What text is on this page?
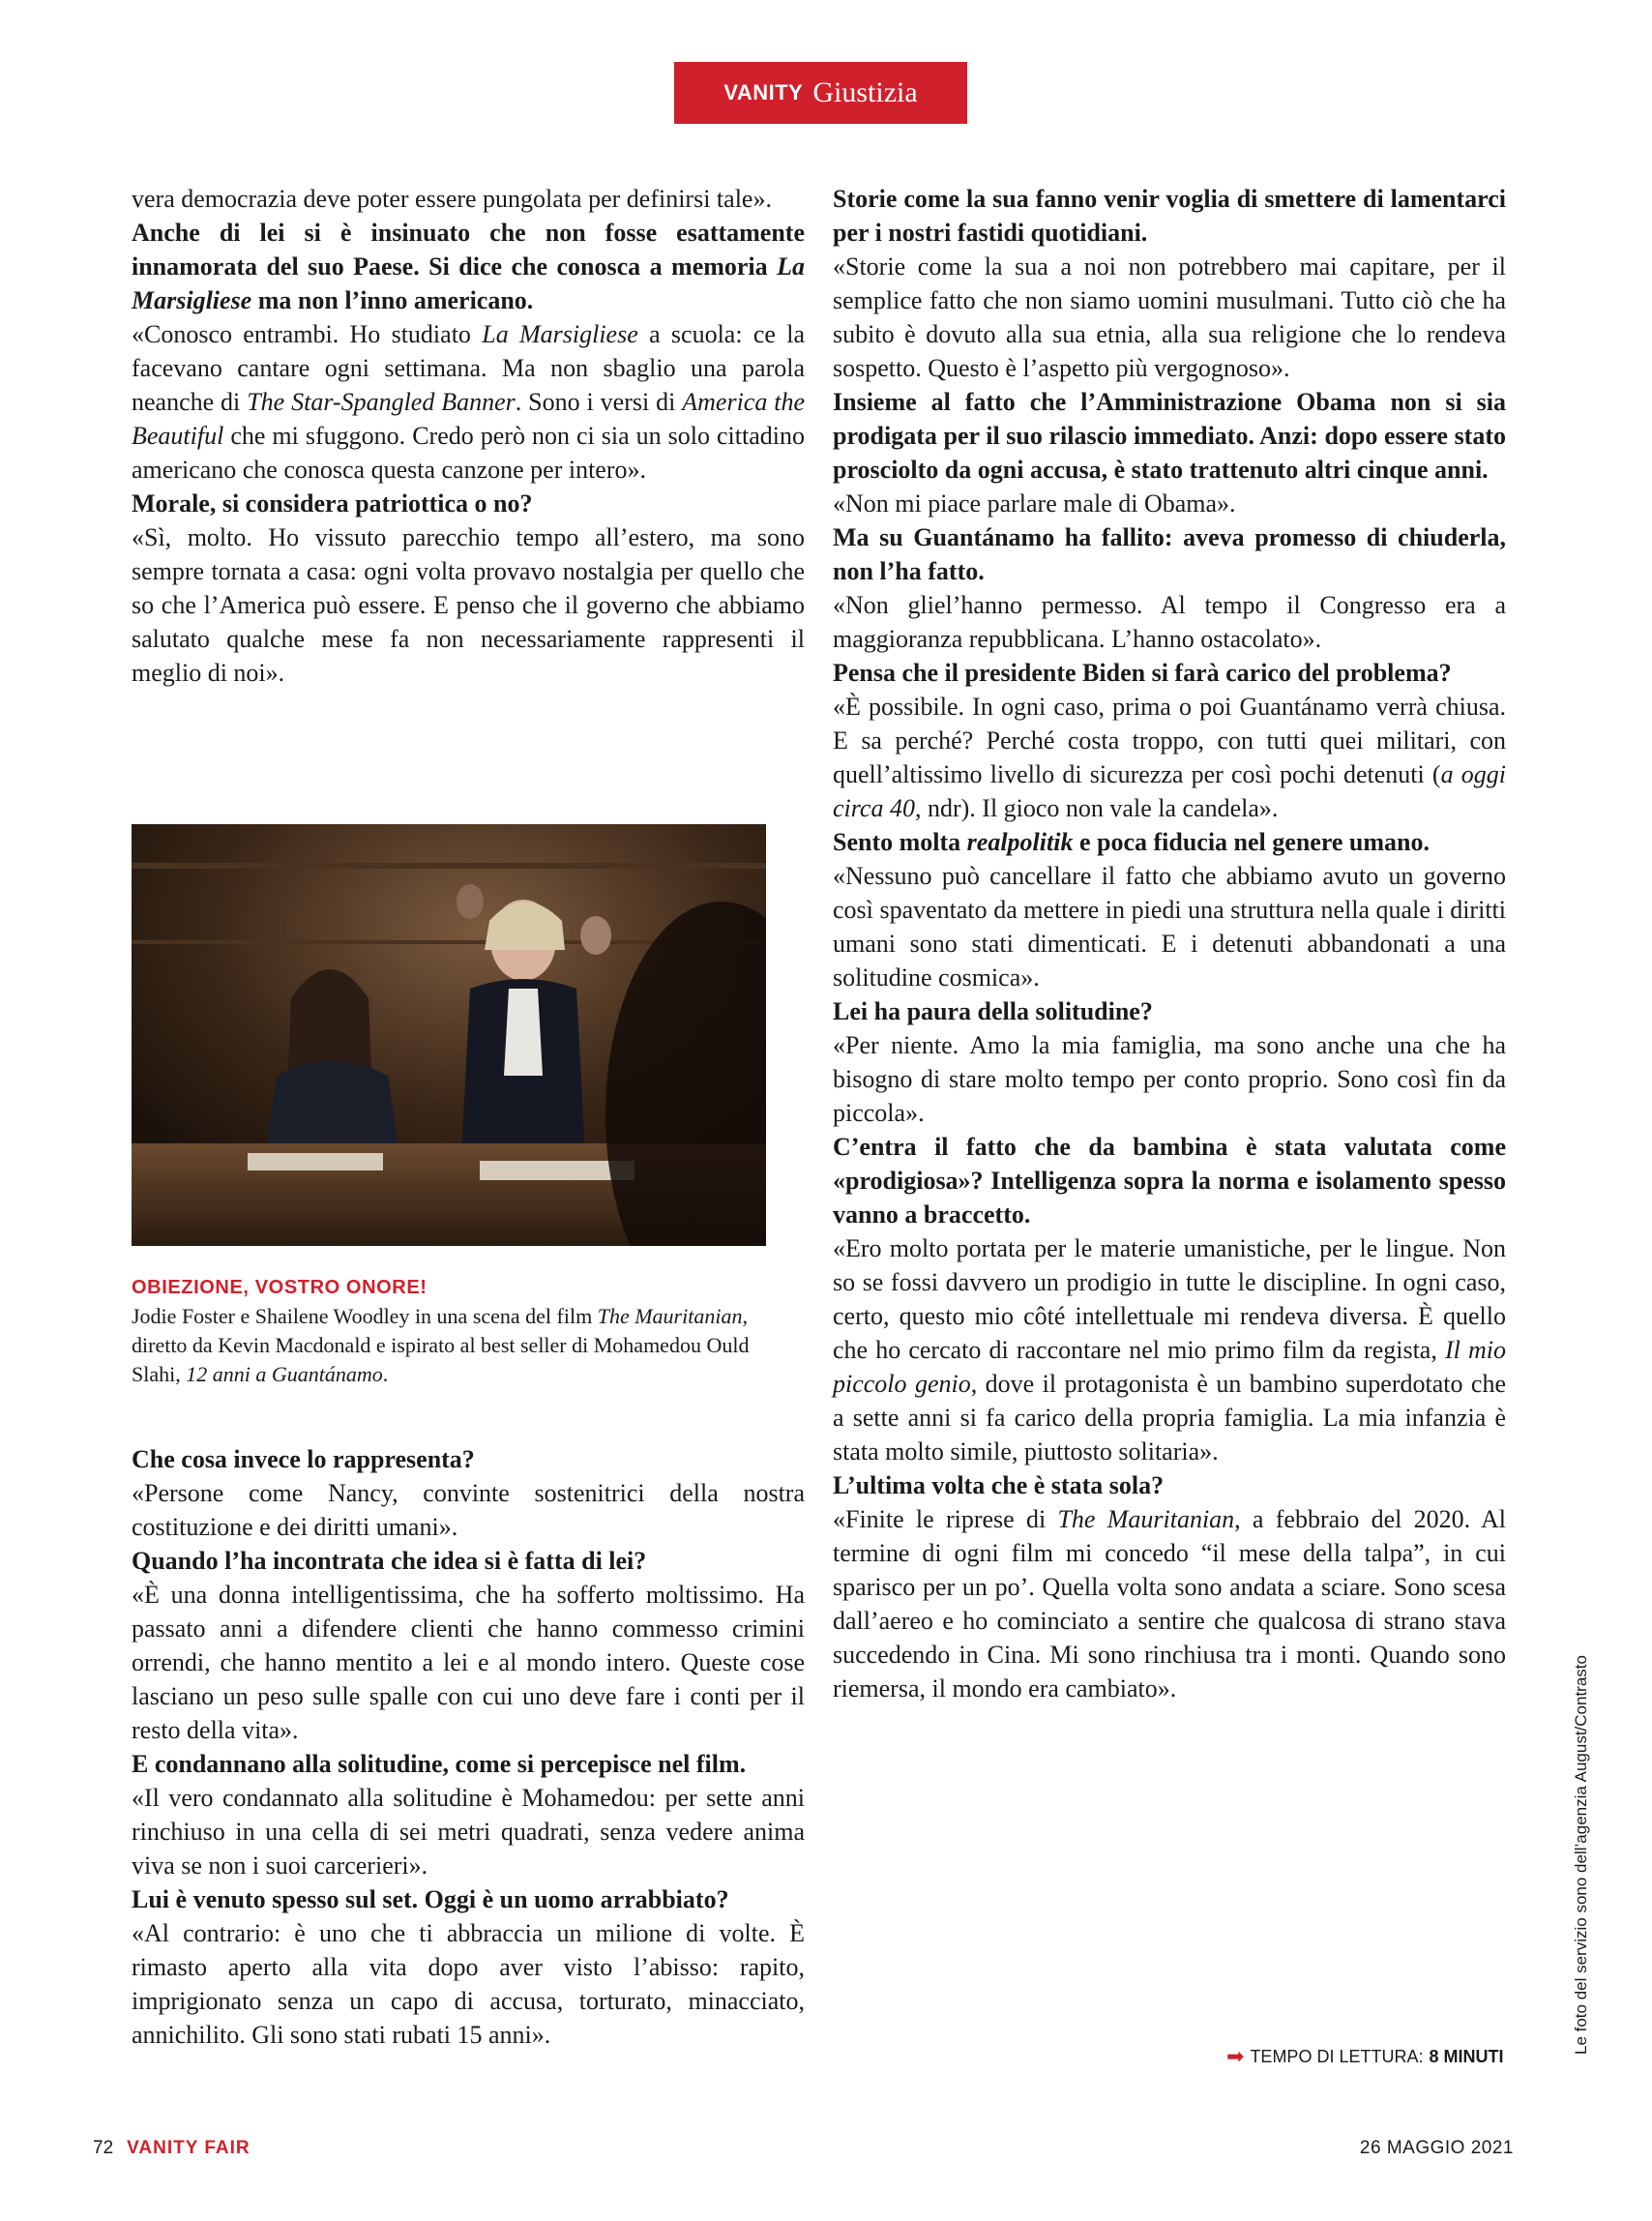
VANITY Giustizia

vera democrazia deve poter essere pungolata per definirsi tale».

Anche di lei si è insinuato che non fosse esattamente innamorata del suo Paese. Si dice che conosca a memoria La Marsigliese ma non l’inno americano.

«Conosco entrambi. Ho studiato La Marsigliese a scuola: ce la facevano cantare ogni settimana. Ma non sbaglio una parola neanche di The Star-Spangled Banner. Sono i versi di America the Beautiful che mi sfuggono. Credo però non ci sia un solo cittadino americano che conosca questa canzone per intero».

Morale, si considera patriottica o no?

«Sì, molto. Ho vissuto parecchio tempo all’estero, ma sono sempre tornata a casa: ogni volta provavo nostalgia per quello che so che l’America può essere. E penso che il governo che abbiamo salutato qualche mese fa non necessariamente rappresenti il meglio di noi».

OBIEZIONE, VOSTRO ONORE!
Jodie Foster e Shailene Woodley in una scena del film The Mauritanian, diretto da Kevin Macdonald e ispirato al best seller di Mohamedou Ould Slahi, 12 anni a Guantánamo.

Che cosa invece lo rappresenta?

«Persone come Nancy, convinte sostenitrici della nostra costituzione e dei diritti umani».

Quando l’ha incontrata che idea si è fatta di lei?

«È una donna intelligentissima, che ha sofferto moltissimo. Ha passato anni a difendere clienti che hanno commesso crimini orrendi, che hanno mentito a lei e al mondo intero. Queste cose lasciano un peso sulle spalle con cui uno deve fare i conti per il resto della vita».

E condannano alla solitudine, come si percepisce nel film.

«Il vero condannato alla solitudine è Mohamedou: per sette anni rinchiuso in una cella di sei metri quadrati, senza vedere anima viva se non i suoi carcerieri».

Lui è venuto spesso sul set. Oggi è un uomo arrabbiato?

«Al contrario: è uno che ti abbraccia un milione di volte. È rimasto aperto alla vita dopo aver visto l’abisso: rapito, imprigionato senza un capo di accusa, torturato, minacciato, annichilito. Gli sono stati rubati 15 anni».

Storie come la sua fanno venir voglia di smettere di lamentarci per i nostri fastidi quotidiani.

«Storie come la sua a noi non potrebbero mai capitare, per il semplice fatto che non siamo uomini musulmani. Tutto ciò che ha subito è dovuto alla sua etnia, alla sua religione che lo rendeva sospetto. Questo è l’aspetto più vergognoso».

Insieme al fatto che l’Amministrazione Obama non si sia prodigata per il suo rilascio immediato. Anzi: dopo essere stato prosciolto da ogni accusa, è stato trattenuto altri cinque anni.

«Non mi piace parlare male di Obama».

Ma su Guantánamo ha fallito: aveva promesso di chiuderla, non l’ha fatto.

«Non gliel’hanno permesso. Al tempo il Congresso era a maggioranza repubblicana. L’hanno ostacolato».

Pensa che il presidente Biden si farà carico del problema?

«È possibile. In ogni caso, prima o poi Guantánamo verrà chiusa. E sa perché? Perché costa troppo, con tutti quei militari, con quell’altissimo livello di sicurezza per così pochi detenuti (a oggi circa 40, ndr). Il gioco non vale la candela».

Sento molta realpolitik e poca fiducia nel genere umano.

«Nessuno può cancellare il fatto che abbiamo avuto un governo così spaventato da mettere in piedi una struttura nella quale i diritti umani sono stati dimenticati. E i detenuti abbandonati a una solitudine cosmica».

Lei ha paura della solitudine?

«Per niente. Amo la mia famiglia, ma sono anche una che ha bisogno di stare molto tempo per conto proprio. Sono così fin da piccola».

C’entra il fatto che da bambina è stata valutata come «prodigiosa»? Intelligenza sopra la norma e isolamento spesso vanno a braccetto.

«Ero molto portata per le materie umanistiche, per le lingue. Non so se fossi davvero un prodigio in tutte le discipline. In ogni caso, certo, questo mio côté intellettuale mi rendeva diversa. È quello che ho cercato di raccontare nel mio primo film da regista, Il mio piccolo genio, dove il protagonista è un bambino superdotato che a sette anni si fa carico della propria famiglia. La mia infanzia è stata molto simile, piuttosto solitaria».

L’ultima volta che è stata sola?

«Finite le riprese di The Mauritanian, a febbraio del 2020. Al termine di ogni film mi concedo “il mese della talpa”, in cui sparisco per un po’. Quella volta sono andata a sciare. Sono scesa dall’aereo e ho cominciato a sentire che qualcosa di strano stava succedendo in Cina. Mi sono rinchiusa tra i monti. Quando sono riemersa, il mondo era cambiato».

➡ TEMPO DI LETTURA: 8 MINUTI
Le foto del servizio sono dell’agenzia August/Contrasto
72 VANITY FAIR	26 MAGGIO 2021
